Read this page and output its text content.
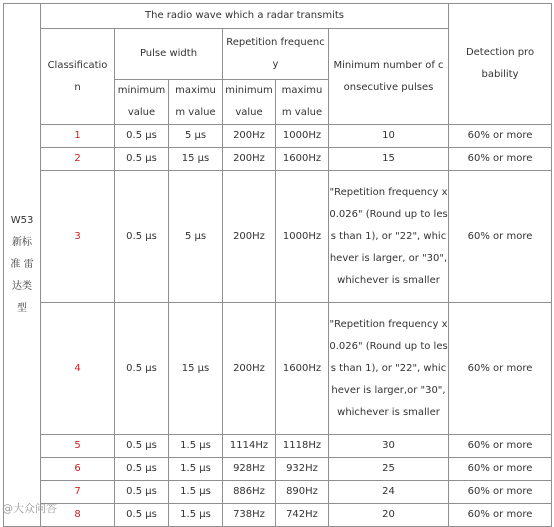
W53 新标准 雷达类型	The radio wave which a radar transmits						Detection probability

	Classification	Pulse width		Repetition frequency		Minimum number of consecutive pulses	

		minimum value	maximum value	minimum value	maximum value		

	1	0.5 μs	5 μs	200Hz	1000Hz	10	60% or more
	2	0.5 μs	15 μs	200Hz	1600Hz	15	60% or more
	3	0.5 μs	5 μs	200Hz	1000Hz	"Repetition frequency x 0.026" (Round up to less than 1), or "22", whichever is larger, or "30", whichever is smaller	60% or more
	4	0.5 μs	15 μs	200Hz	1600Hz	"Repetition frequency x 0.026" (Round up to less than 1), or "22", whichever is larger,or "30", whichever is smaller	60% or more
	5	0.5 μs	1.5 μs	1114Hz	1118Hz	30	60% or more
	6	0.5 μs	1.5 μs	928Hz	932Hz	25	60% or more
	7	0.5 μs	1.5 μs	886Hz	890Hz	24	60% or more
	8	0.5 μs	1.5 μs	738Hz	742Hz	20	60% or more
@大众问答
